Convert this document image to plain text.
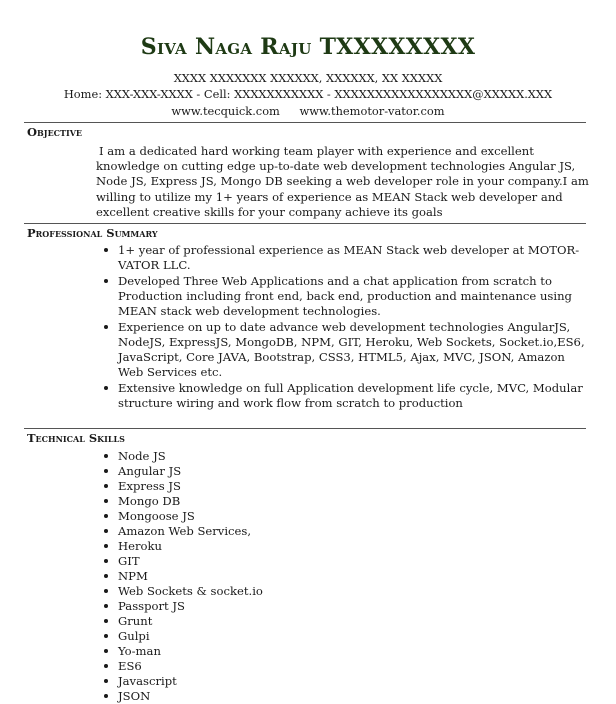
Siva Naga Raju TXXXXXXXX
XXXX XXXXXXX XXXXXX, XXXXXX, XX XXXXX
Home: XXX-XXX-XXXX - Cell: XXXXXXXXXXX - XXXXXXXXXXXXXXXXX@XXXXX.XXX
www.tecquick.com www.themotor-vator.com
Objective

I am a dedicated hard working team player with experience and excellent knowledge on cutting edge up-to-date web development technologies Angular JS, Node JS, Express JS, Mongo DB seeking a web developer role in your company.I am willing to utilize my 1+ years of experience as MEAN Stack web developer and excellent creative skills for your company achieve its goals

Professional Summary
1+ year of professional experience as MEAN Stack web developer at MOTOR-VATOR LLC.
Developed Three Web Applications and a chat application from scratch to Production including front end, back end, production and maintenance using MEAN stack web development technologies.
Experience on up to date advance web development technologies AngularJS, NodeJS, ExpressJS, MongoDB, NPM, GIT, Heroku, Web Sockets, Socket.io,ES6, JavaScript, Core JAVA, Bootstrap, CSS3, HTML5, Ajax, MVC, JSON, Amazon Web Services etc.
Extensive knowledge on full Application development life cycle, MVC, Modular structure wiring and work flow from scratch to production
Technical Skills
Node JS
Angular JS
Express JS
Mongo DB
Mongoose JS
Amazon Web Services,
Heroku
GIT
NPM
Web Sockets & socket.io
Passport JS
Grunt
Gulpi
Yo-man
ES6
Javascript
JSON
